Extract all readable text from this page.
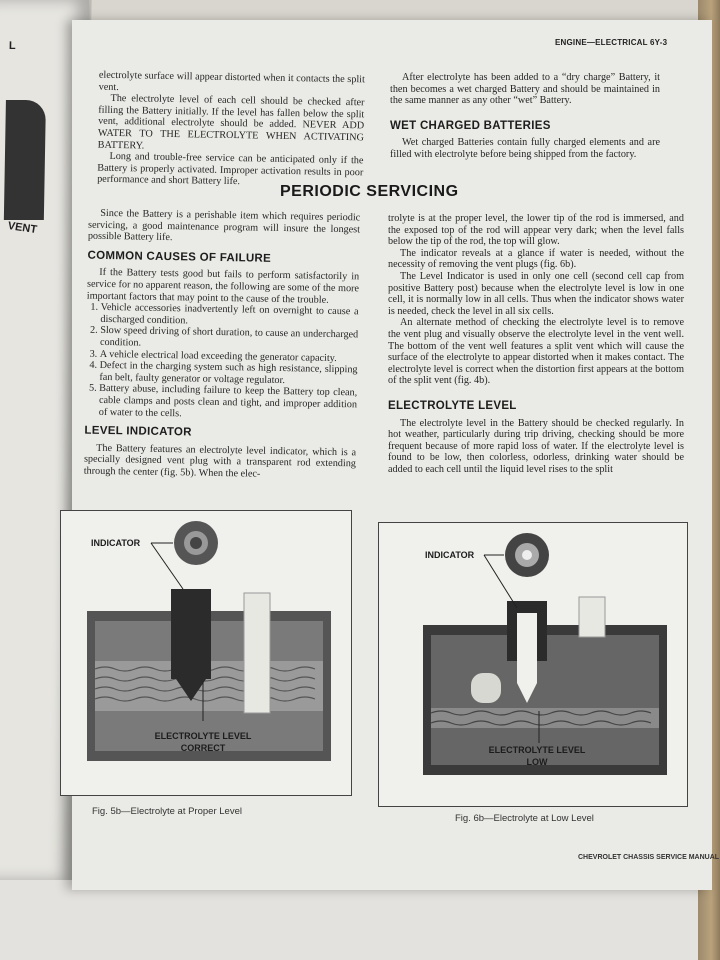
L
VENT
ENGINE—ELECTRICAL 6Y-3

electrolyte surface will appear distorted when it contacts the split vent.

The electrolyte level of each cell should be checked after filling the Battery initially. If the level has fallen below the split vent, additional electrolyte should be added. NEVER ADD WATER TO THE ELECTROLYTE WHEN ACTIVATING BATTERY.

Long and trouble-free service can be anticipated only if the Battery is properly activated. Improper activation results in poor performance and short Battery life.

After electrolyte has been added to a “dry charge” Battery, it then becomes a wet charged Battery and should be maintained in the same manner as any other “wet” Battery.

WET CHARGED BATTERIES

Wet charged Batteries contain fully charged elements and are filled with electrolyte before being shipped from the factory.

PERIODIC SERVICING

Since the Battery is a perishable item which requires periodic servicing, a good maintenance program will insure the longest possible Battery life.

COMMON CAUSES OF FAILURE

If the Battery tests good but fails to perform satisfactorily in service for no apparent reason, the following are some of the more important factors that may point to the cause of the trouble.

1. Vehicle accessories inadvertently left on overnight to cause a discharged condition.
2. Slow speed driving of short duration, to cause an undercharged condition.
3. A vehicle electrical load exceeding the generator capacity.
4. Defect in the charging system such as high resistance, slipping fan belt, faulty generator or voltage regulator.
5. Battery abuse, including failure to keep the Battery top clean, cable clamps and posts clean and tight, and improper addition of water to the cells.
LEVEL INDICATOR

The Battery features an electrolyte level indicator, which is a specially designed vent plug with a transparent rod extending through the center (fig. 5b). When the elec-

trolyte is at the proper level, the lower tip of the rod is immersed, and the exposed top of the rod will appear very dark; when the level falls below the tip of the rod, the top will glow.

The indicator reveals at a glance if water is needed, without the necessity of removing the vent plugs (fig. 6b).

The Level Indicator is used in only one cell (second cell cap from positive Battery post) because when the electrolyte level is low in one cell, it is normally low in all cells. Thus when the indicator shows water is needed, check the level in all six cells.

An alternate method of checking the electrolyte level is to remove the vent plug and visually observe the electrolyte level in the vent well. The bottom of the vent well features a split vent which will cause the surface of the electrolyte to appear distorted when it makes contact. The electrolyte level is correct when the distortion first appears at the bottom of the split vent (fig. 4b).

ELECTROLYTE LEVEL

The electrolyte level in the Battery should be checked regularly. In hot weather, particularly during trip driving, checking should be more frequent because of more rapid loss of water. If the electrolyte level is found to be low, then colorless, odorless, drinking water should be added to each cell until the liquid level rises to the split

INDICATOR
ELECTROLYTE LEVEL
CORRECT
Fig. 5b—Electrolyte at Proper Level
INDICATOR
ELECTROLYTE LEVEL
LOW
Fig. 6b—Electrolyte at Low Level
CHEVROLET CHASSIS SERVICE MANUAL
